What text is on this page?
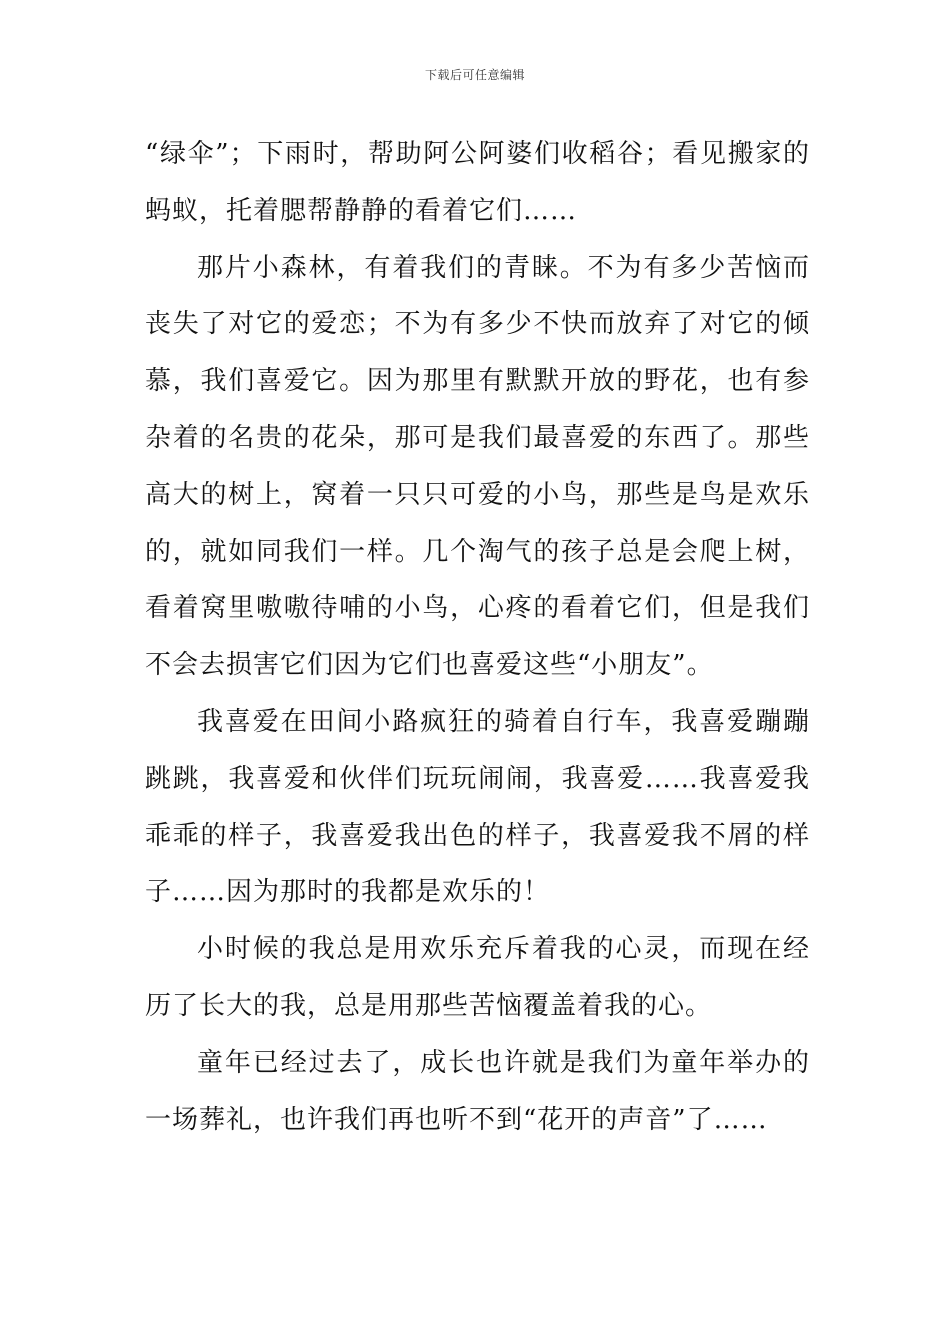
下载后可任意编辑

“绿伞”；下雨时，帮助阿公阿婆们收稻谷；看见搬家的蚂蚁，托着腮帮静静的看着它们……

那片小森林，有着我们的青睐。不为有多少苦恼而丧失了对它的爱恋；不为有多少不快而放弃了对它的倾慕，我们喜爱它。因为那里有默默开放的野花，也有参杂着的名贵的花朵，那可是我们最喜爱的东西了。那些高大的树上，窝着一只只可爱的小鸟，那些是鸟是欢乐的，就如同我们一样。几个淘气的孩子总是会爬上树，看着窝里嗷嗷待哺的小鸟，心疼的看着它们，但是我们不会去损害它们因为它们也喜爱这些“小朋友”。

我喜爱在田间小路疯狂的骑着自行车，我喜爱蹦蹦跳跳，我喜爱和伙伴们玩玩闹闹，我喜爱……我喜爱我乖乖的样子，我喜爱我出色的样子，我喜爱我不屑的样子……因为那时的我都是欢乐的！

小时候的我总是用欢乐充斥着我的心灵，而现在经历了长大的我，总是用那些苦恼覆盖着我的心。

童年已经过去了，成长也许就是我们为童年举办的一场葬礼，也许我们再也听不到“花开的声音”了……
